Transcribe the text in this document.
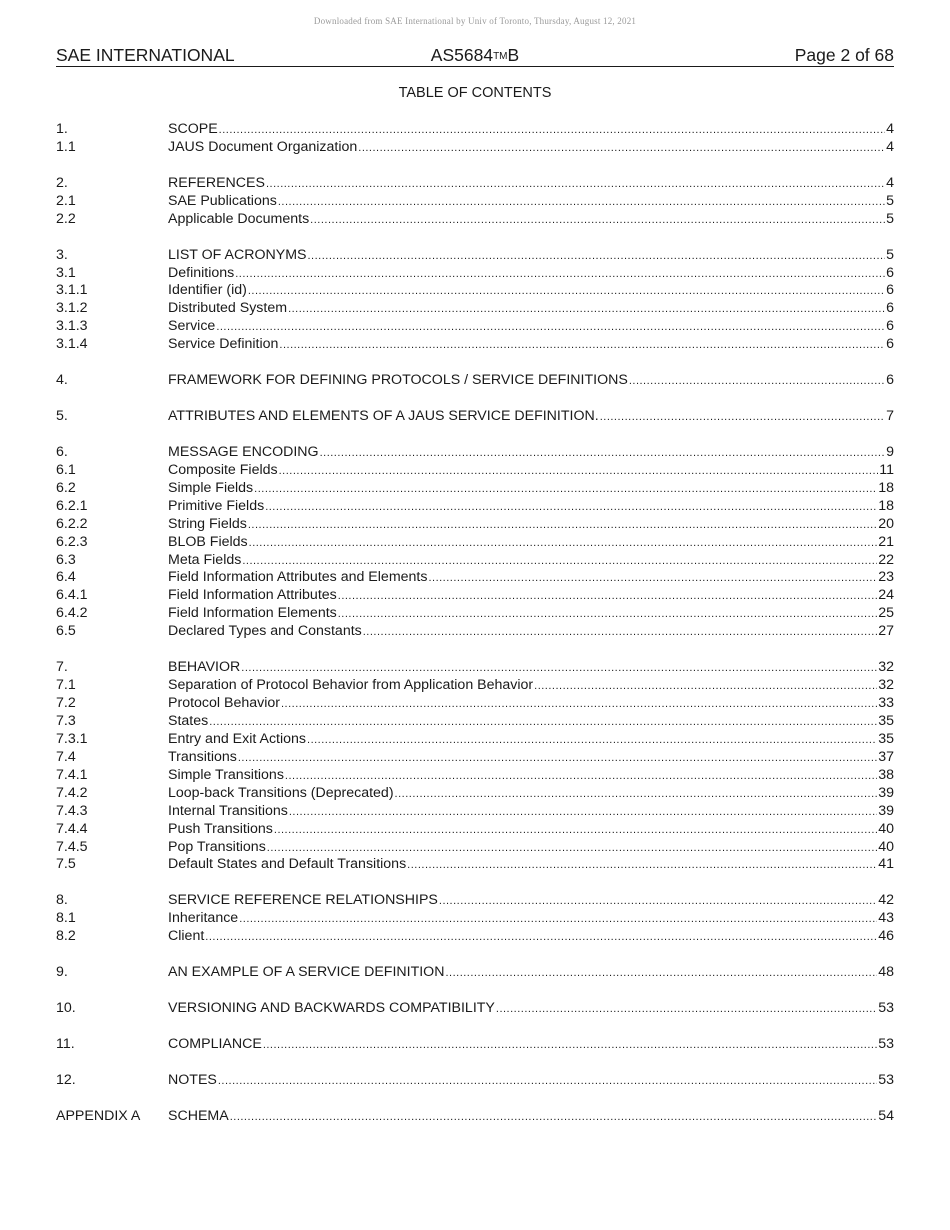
Downloaded from SAE International by Univ of Toronto, Thursday, August 12, 2021
SAE INTERNATIONAL	AS5684TMB	Page 2 of 68
TABLE OF CONTENTS
1.	SCOPE .....	4
1.1	JAUS Document Organization .....	4
2.	REFERENCES .....	4
2.1	SAE Publications .....	5
2.2	Applicable Documents .....	5
3.	LIST OF ACRONYMS .....	5
3.1	Definitions .....	6
3.1.1	Identifier (id) .....	6
3.1.2	Distributed System .....	6
3.1.3	Service .....	6
3.1.4	Service Definition .....	6
4.	FRAMEWORK FOR DEFINING PROTOCOLS / SERVICE DEFINITIONS .....	6
5.	ATTRIBUTES AND ELEMENTS OF A JAUS SERVICE DEFINITION. .....	7
6.	MESSAGE ENCODING .....	9
6.1	Composite Fields .....	11
6.2	Simple Fields .....	18
6.2.1	Primitive Fields .....	18
6.2.2	String Fields .....	20
6.2.3	BLOB Fields .....	21
6.3	Meta Fields .....	22
6.4	Field Information Attributes and Elements .....	23
6.4.1	Field Information Attributes .....	24
6.4.2	Field Information Elements .....	25
6.5	Declared Types and Constants .....	27
7.	BEHAVIOR .....	32
7.1	Separation of Protocol Behavior from Application Behavior .....	32
7.2	Protocol Behavior .....	33
7.3	States .....	35
7.3.1	Entry and Exit Actions .....	35
7.4	Transitions .....	37
7.4.1	Simple Transitions .....	38
7.4.2	Loop-back Transitions (Deprecated) .....	39
7.4.3	Internal Transitions .....	39
7.4.4	Push Transitions .....	40
7.4.5	Pop Transitions .....	40
7.5	Default States and Default Transitions .....	41
8.	SERVICE REFERENCE RELATIONSHIPS .....	42
8.1	Inheritance .....	43
8.2	Client .....	46
9.	AN EXAMPLE OF A SERVICE DEFINITION .....	48
10.	VERSIONING AND BACKWARDS COMPATIBILITY .....	53
11.	COMPLIANCE .....	53
12.	NOTES .....	53
APPENDIX A	SCHEMA .....	54
